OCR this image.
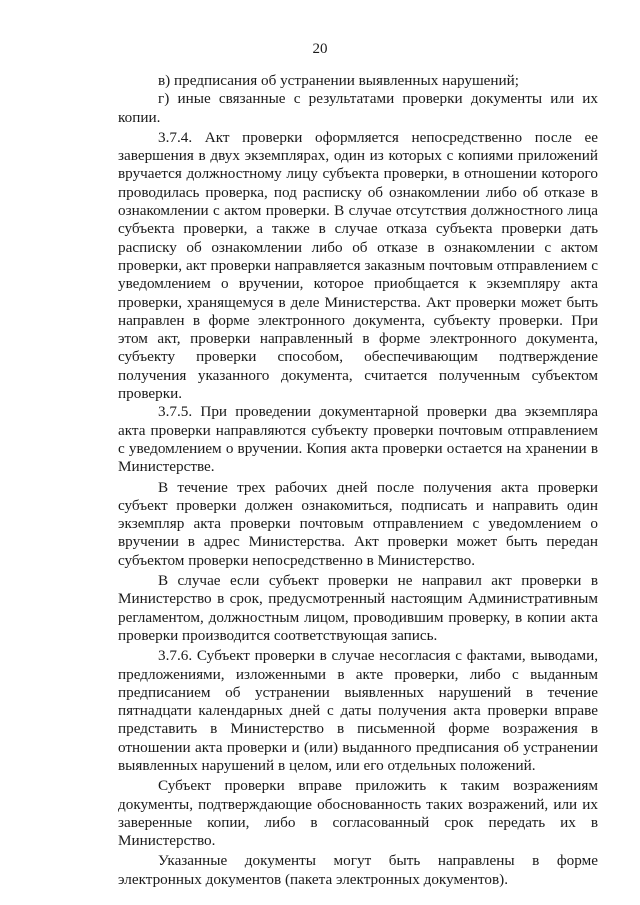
20

в) предписания об устранении выявленных нарушений;

г) иные связанные с результатами проверки документы или их копии.

3.7.4. Акт проверки оформляется непосредственно после ее завершения в двух экземплярах, один из которых с копиями приложений вручается должностному лицу субъекта проверки, в отношении которого проводилась проверка, под расписку об ознакомлении либо об отказе в ознакомлении с актом проверки. В случае отсутствия должностного лица субъекта проверки, а также в случае отказа субъекта проверки дать расписку об ознакомлении либо об отказе в ознакомлении с актом проверки, акт проверки направляется заказным почтовым отправлением с уведомлением о вручении, которое приобщается к экземпляру акта проверки, хранящемуся в деле Министерства. Акт проверки может быть направлен в форме электронного документа, субъекту проверки. При этом акт, проверки направленный в форме электронного документа, субъекту проверки способом, обеспечивающим подтверждение получения указанного документа, считается полученным субъектом проверки.

3.7.5. При проведении документарной проверки два экземпляра акта проверки направляются субъекту проверки почтовым отправлением с уведомлением о вручении. Копия акта проверки остается на хранении в Министерстве.

В течение трех рабочих дней после получения акта проверки субъект проверки должен ознакомиться, подписать и направить один экземпляр акта проверки почтовым отправлением с уведомлением о вручении в адрес Министерства. Акт проверки может быть передан субъектом проверки непосредственно в Министерство.

В случае если субъект проверки не направил акт проверки в Министерство в срок, предусмотренный настоящим Административным регламентом, должностным лицом, проводившим проверку, в копии акта проверки производится соответствующая запись.

3.7.6. Субъект проверки в случае несогласия с фактами, выводами, предложениями, изложенными в акте проверки, либо с выданным предписанием об устранении выявленных нарушений в течение пятнадцати календарных дней с даты получения акта проверки вправе представить в Министерство в письменной форме возражения в отношении акта проверки и (или) выданного предписания об устранении выявленных нарушений в целом, или его отдельных положений.

Субъект проверки вправе приложить к таким возражениям документы, подтверждающие обоснованность таких возражений, или их заверенные копии, либо в согласованный срок передать их в Министерство.

Указанные документы могут быть направлены в форме электронных документов (пакета электронных документов).
